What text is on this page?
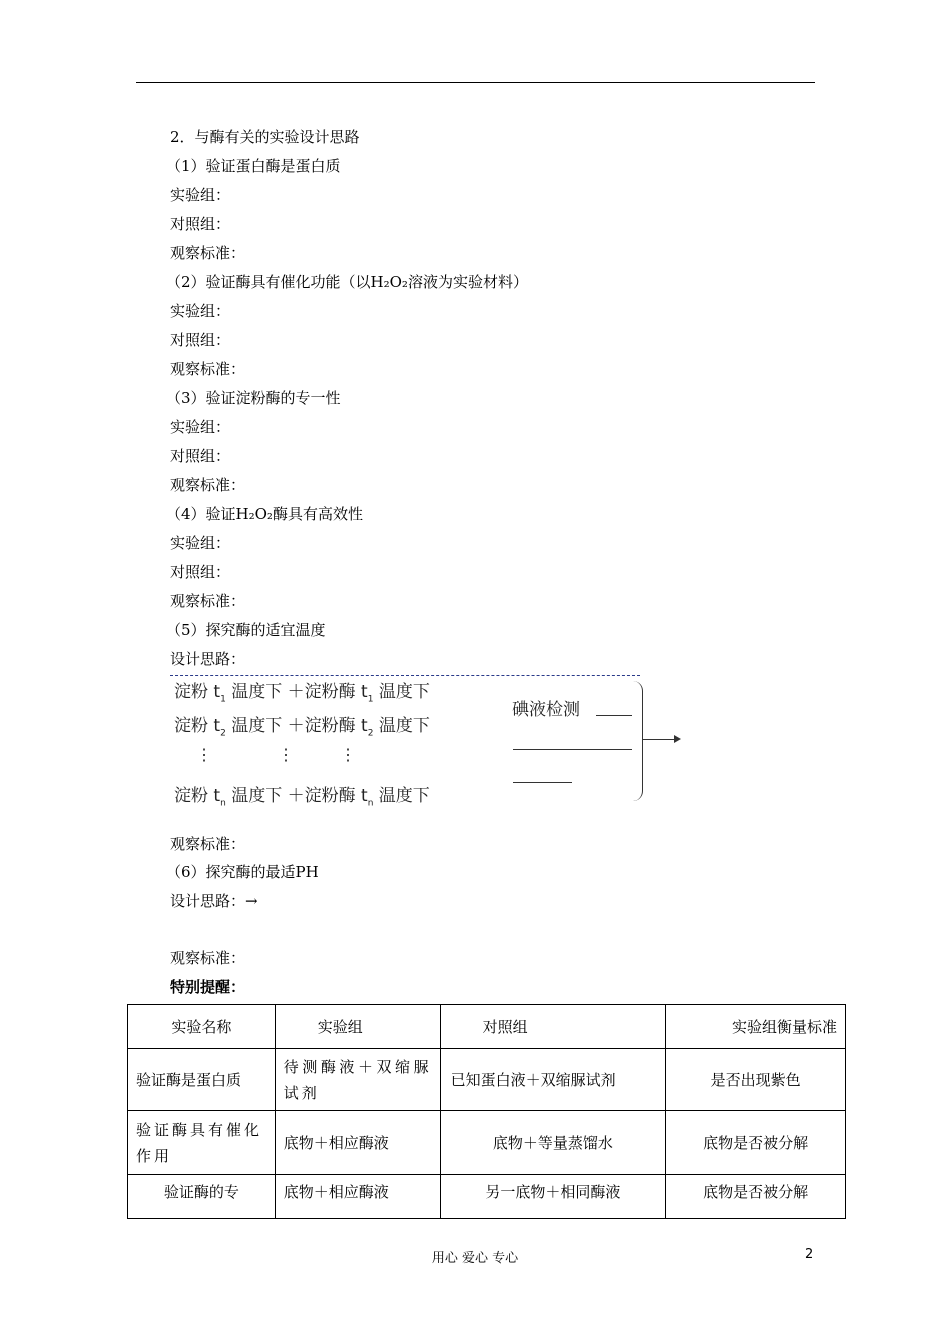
2．与酶有关的实验设计思路
（1）验证蛋白酶是蛋白质
实验组：
对照组：
观察标准：
（2）验证酶具有催化功能（以H₂O₂溶液为实验材料）
实验组：
对照组：
观察标准：
（3）验证淀粉酶的专一性
实验组：
对照组：
观察标准：
（4）验证H₂O₂酶具有高效性
实验组：
对照组：
观察标准：
（5）探究酶的适宜温度
设计思路：
淀粉 $t_1$ 温度下 ＋淀粉酶 $t_1$ 温度下
淀粉 $t_2$ 温度下 ＋淀粉酶 $t_2$ 温度下
⋮	⋮	⋮
淀粉 $t_n$ 温度下 ＋淀粉酶 $t_n$ 温度下
碘液检测
观察标准：
（6）探究酶的最适PH
设计思路：→
观察标准：
特别提醒：
实验名称	实验组	对照组	实验组衡量标准
验证酶是蛋白质	待测酶液＋双缩脲试剂	已知蛋白液＋双缩脲试剂	是否出现紫色
验证酶具有催化作用	底物＋相应酶液	底物＋等量蒸馏水	底物是否被分解
验证酶的专	底物＋相应酶液	另一底物＋相同酶液	底物是否被分解
用心 爱心 专心	2
